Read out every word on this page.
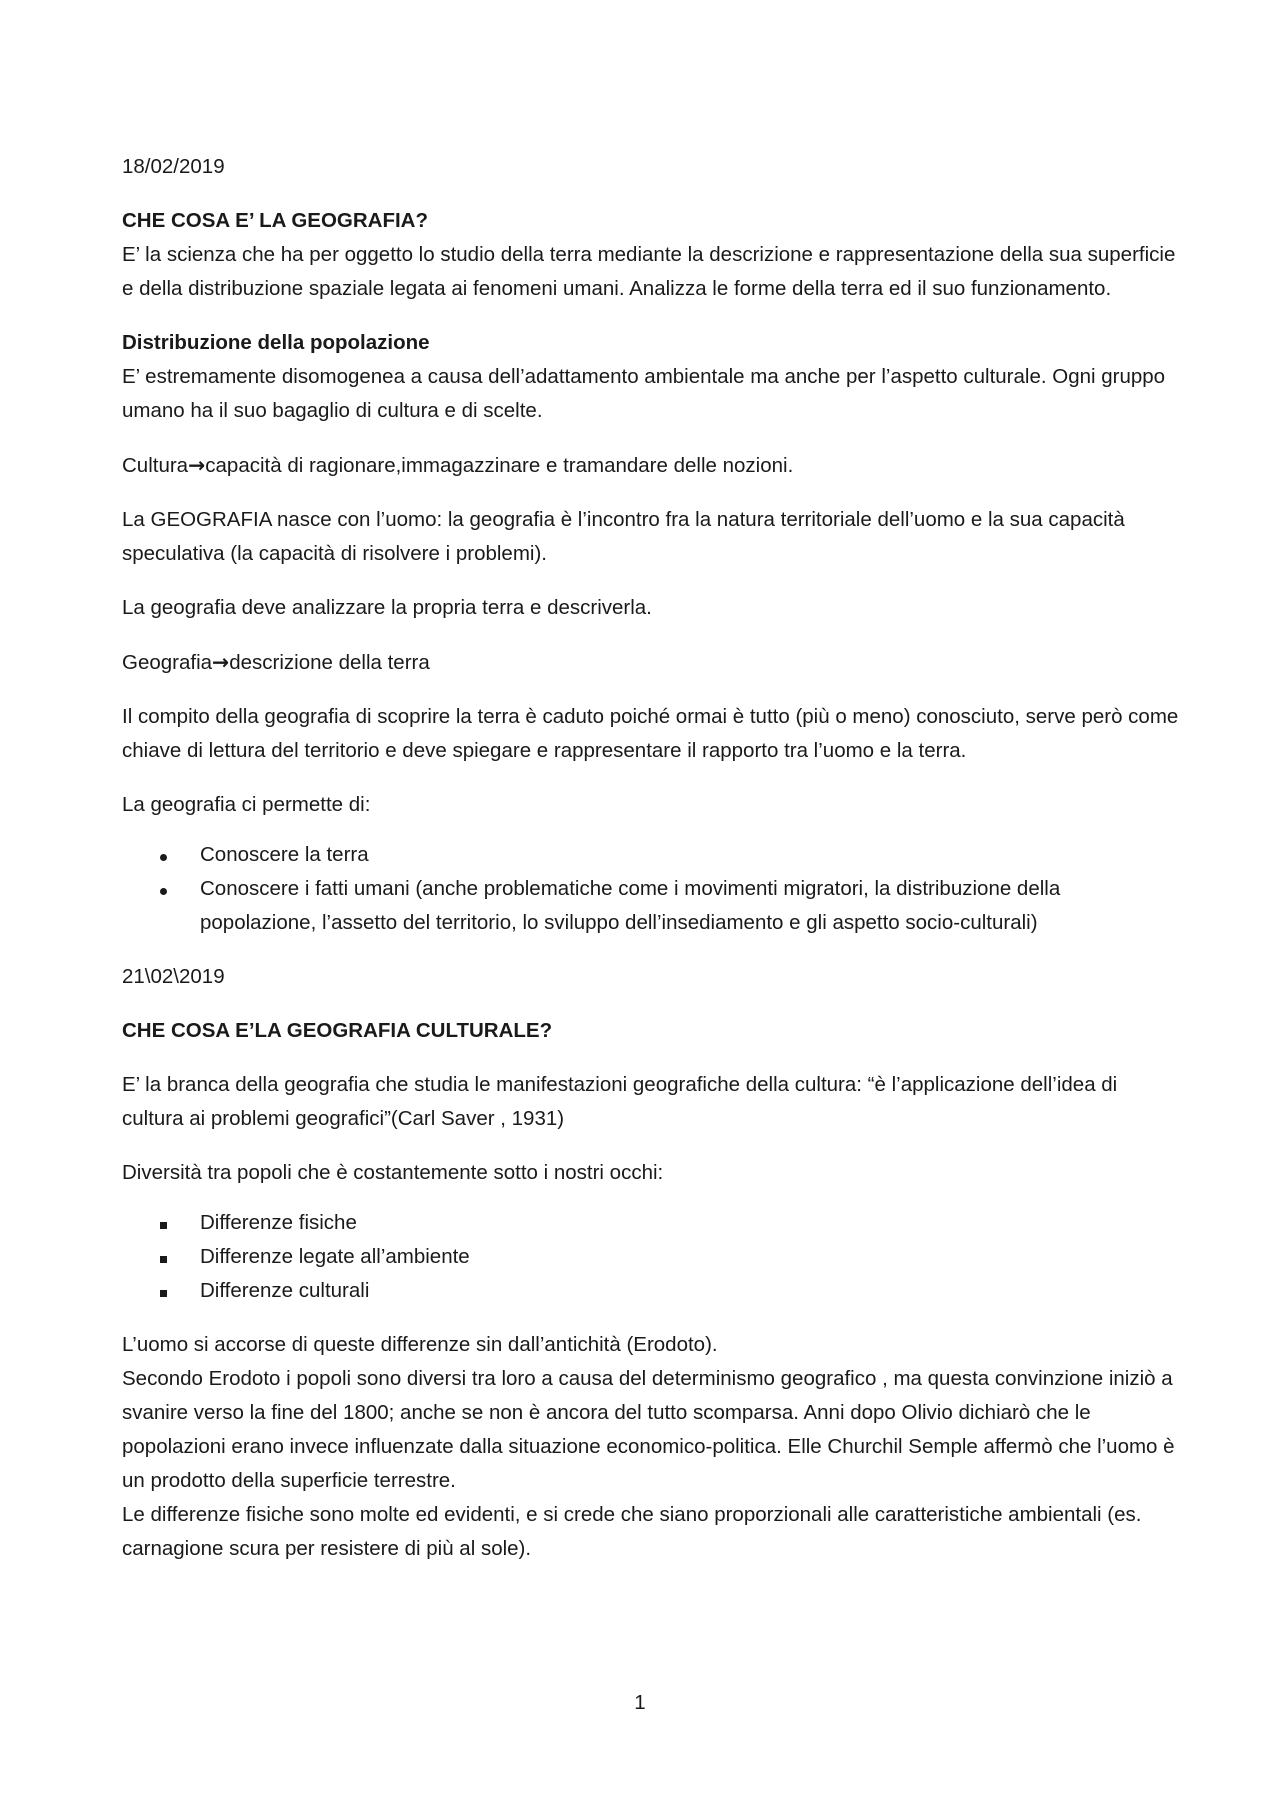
18/02/2019

CHE COSA E’ LA GEOGRAFIA?

E’ la scienza che ha per oggetto lo studio della terra mediante la descrizione e rappresentazione della sua superficie e della distribuzione spaziale legata ai fenomeni umani. Analizza le forme della terra ed il suo funzionamento.

Distribuzione della popolazione

E’ estremamente disomogenea a causa dell’adattamento ambientale ma anche per l’aspetto culturale. Ogni gruppo umano ha il suo bagaglio di cultura e di scelte.

Cultura→capacità di ragionare,immagazzinare e tramandare delle nozioni.

La GEOGRAFIA nasce con l’uomo: la geografia è l’incontro fra la natura territoriale dell’uomo e la sua capacità speculativa (la capacità di risolvere i problemi).

La geografia deve analizzare la propria terra e descriverla.

Geografia→descrizione della terra

Il compito della geografia di scoprire la terra è caduto poiché ormai è tutto (più o meno) conosciuto, serve però come chiave di lettura del territorio e deve spiegare e rappresentare il rapporto tra l’uomo e la terra.

La geografia ci permette di:

Conoscere la terra
Conoscere i fatti umani (anche problematiche come i movimenti migratori, la distribuzione della popolazione, l’assetto del territorio, lo sviluppo dell’insediamento e gli aspetto socio-culturali)

21\02\2019

CHE COSA E’LA GEOGRAFIA CULTURALE?

E’ la branca della geografia che studia le manifestazioni geografiche della cultura: “è l’applicazione dell’idea di cultura ai problemi geografici”(Carl Saver , 1931)

Diversità tra popoli che è costantemente sotto i nostri occhi:

Differenze fisiche
Differenze legate all’ambiente
Differenze culturali

L’uomo si accorse di queste differenze sin dall’antichità (Erodoto).

Secondo Erodoto i popoli sono diversi tra loro a causa del determinismo geografico , ma questa convinzione iniziò a svanire verso la fine del 1800; anche se non è ancora del tutto scomparsa. Anni dopo Olivio dichiarò che le popolazioni erano invece influenzate dalla situazione economico-politica. Elle Churchil Semple affermò che l’uomo è un prodotto della superficie terrestre.

Le differenze fisiche sono molte ed evidenti, e si crede che siano proporzionali alle caratteristiche ambientali (es. carnagione scura per resistere di più al sole).

1
